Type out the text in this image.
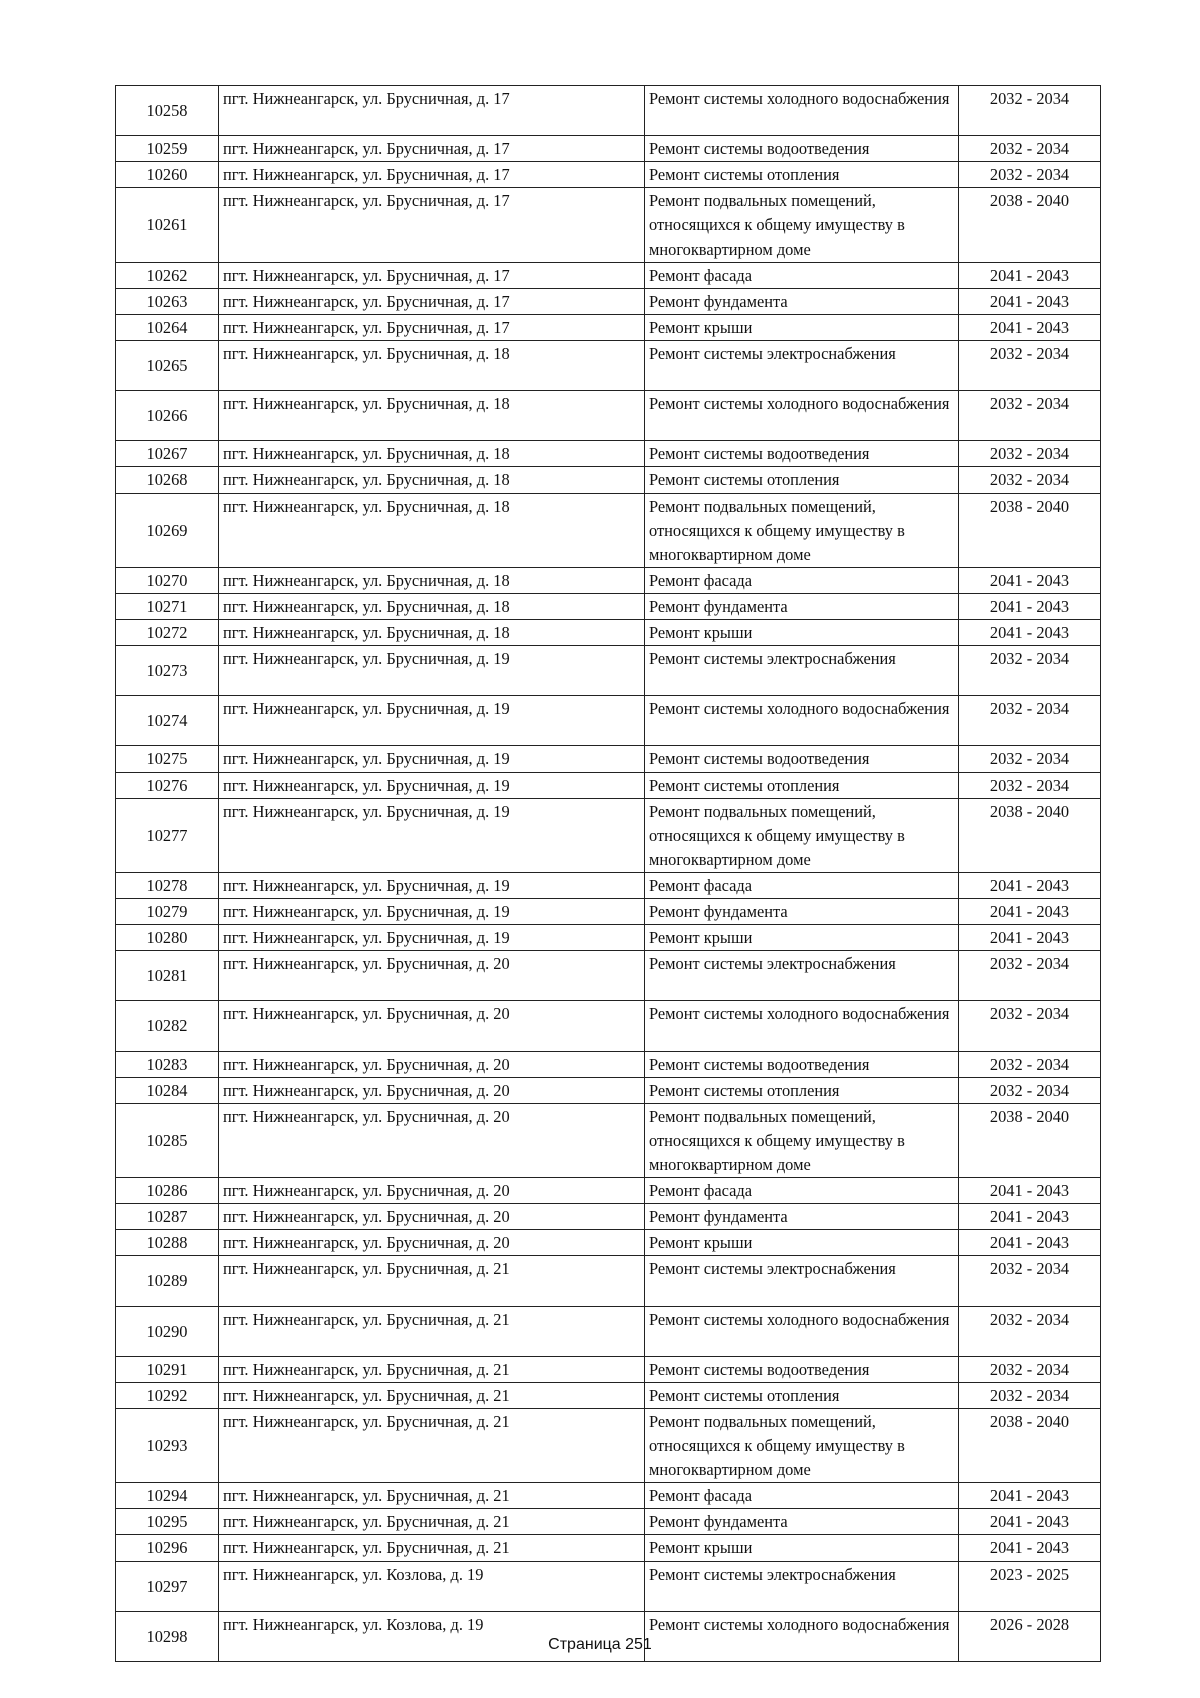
10258	пгт. Нижнеангарск, ул. Брусничная, д. 17	Ремонт системы холодного водоснабжения	2032 - 2034
10259	пгт. Нижнеангарск, ул. Брусничная, д. 17	Ремонт системы водоотведения	2032 - 2034
10260	пгт. Нижнеангарск, ул. Брусничная, д. 17	Ремонт системы отопления	2032 - 2034
10261	пгт. Нижнеангарск, ул. Брусничная, д. 17	Ремонт подвальных помещений, относящихся к общему имуществу в многоквартирном доме	2038 - 2040
10262	пгт. Нижнеангарск, ул. Брусничная, д. 17	Ремонт фасада	2041 - 2043
10263	пгт. Нижнеангарск, ул. Брусничная, д. 17	Ремонт фундамента	2041 - 2043
10264	пгт. Нижнеангарск, ул. Брусничная, д. 17	Ремонт крыши	2041 - 2043
10265	пгт. Нижнеангарск, ул. Брусничная, д. 18	Ремонт системы электроснабжения	2032 - 2034
10266	пгт. Нижнеангарск, ул. Брусничная, д. 18	Ремонт системы холодного водоснабжения	2032 - 2034
10267	пгт. Нижнеангарск, ул. Брусничная, д. 18	Ремонт системы водоотведения	2032 - 2034
10268	пгт. Нижнеангарск, ул. Брусничная, д. 18	Ремонт системы отопления	2032 - 2034
10269	пгт. Нижнеангарск, ул. Брусничная, д. 18	Ремонт подвальных помещений, относящихся к общему имуществу в многоквартирном доме	2038 - 2040
10270	пгт. Нижнеангарск, ул. Брусничная, д. 18	Ремонт фасада	2041 - 2043
10271	пгт. Нижнеангарск, ул. Брусничная, д. 18	Ремонт фундамента	2041 - 2043
10272	пгт. Нижнеангарск, ул. Брусничная, д. 18	Ремонт крыши	2041 - 2043
10273	пгт. Нижнеангарск, ул. Брусничная, д. 19	Ремонт системы электроснабжения	2032 - 2034
10274	пгт. Нижнеангарск, ул. Брусничная, д. 19	Ремонт системы холодного водоснабжения	2032 - 2034
10275	пгт. Нижнеангарск, ул. Брусничная, д. 19	Ремонт системы водоотведения	2032 - 2034
10276	пгт. Нижнеангарск, ул. Брусничная, д. 19	Ремонт системы отопления	2032 - 2034
10277	пгт. Нижнеангарск, ул. Брусничная, д. 19	Ремонт подвальных помещений, относящихся к общему имуществу в многоквартирном доме	2038 - 2040
10278	пгт. Нижнеангарск, ул. Брусничная, д. 19	Ремонт фасада	2041 - 2043
10279	пгт. Нижнеангарск, ул. Брусничная, д. 19	Ремонт фундамента	2041 - 2043
10280	пгт. Нижнеангарск, ул. Брусничная, д. 19	Ремонт крыши	2041 - 2043
10281	пгт. Нижнеангарск, ул. Брусничная, д. 20	Ремонт системы электроснабжения	2032 - 2034
10282	пгт. Нижнеангарск, ул. Брусничная, д. 20	Ремонт системы холодного водоснабжения	2032 - 2034
10283	пгт. Нижнеангарск, ул. Брусничная, д. 20	Ремонт системы водоотведения	2032 - 2034
10284	пгт. Нижнеангарск, ул. Брусничная, д. 20	Ремонт системы отопления	2032 - 2034
10285	пгт. Нижнеангарск, ул. Брусничная, д. 20	Ремонт подвальных помещений, относящихся к общему имуществу в многоквартирном доме	2038 - 2040
10286	пгт. Нижнеангарск, ул. Брусничная, д. 20	Ремонт фасада	2041 - 2043
10287	пгт. Нижнеангарск, ул. Брусничная, д. 20	Ремонт фундамента	2041 - 2043
10288	пгт. Нижнеангарск, ул. Брусничная, д. 20	Ремонт крыши	2041 - 2043
10289	пгт. Нижнеангарск, ул. Брусничная, д. 21	Ремонт системы электроснабжения	2032 - 2034
10290	пгт. Нижнеангарск, ул. Брусничная, д. 21	Ремонт системы холодного водоснабжения	2032 - 2034
10291	пгт. Нижнеангарск, ул. Брусничная, д. 21	Ремонт системы водоотведения	2032 - 2034
10292	пгт. Нижнеангарск, ул. Брусничная, д. 21	Ремонт системы отопления	2032 - 2034
10293	пгт. Нижнеангарск, ул. Брусничная, д. 21	Ремонт подвальных помещений, относящихся к общему имуществу в многоквартирном доме	2038 - 2040
10294	пгт. Нижнеангарск, ул. Брусничная, д. 21	Ремонт фасада	2041 - 2043
10295	пгт. Нижнеангарск, ул. Брусничная, д. 21	Ремонт фундамента	2041 - 2043
10296	пгт. Нижнеангарск, ул. Брусничная, д. 21	Ремонт крыши	2041 - 2043
10297	пгт. Нижнеангарск, ул. Козлова, д. 19	Ремонт системы электроснабжения	2023 - 2025
10298	пгт. Нижнеангарск, ул. Козлова, д. 19	Ремонт системы холодного водоснабжения	2026 - 2028
Страница 251
